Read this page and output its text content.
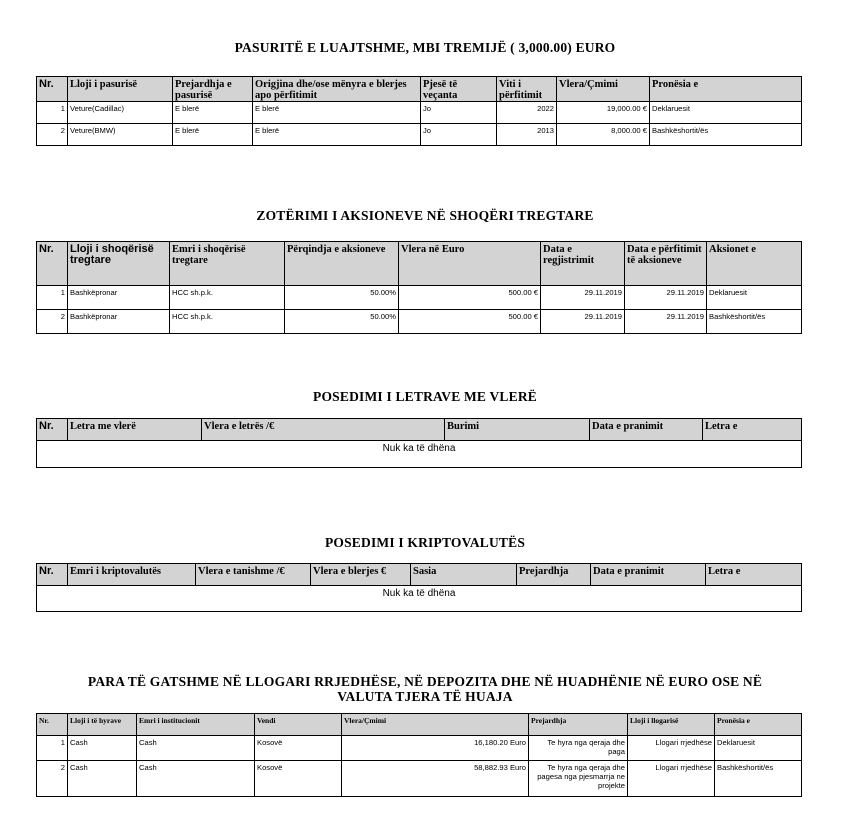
PASURITË E LUAJTSHME, MBI TREMIJË ( 3,000.00) EURO
Nr.	Lloji i pasurisë	Prejardhja e pasurisë	Origjina dhe/ose mënyra e blerjes apo përfitimit	Pjesë të veçanta	Viti i përfitimit	Vlera/Çmimi	Pronësia e
1	Veture(Cadillac)	E blerë	E blerë	Jo	2022	19,000.00 €	Deklaruesit
2	Veture(BMW)	E blerë	E blerë	Jo	2013	8,000.00 €	Bashkëshortit/ës
ZOTËRIMI I AKSIONEVE NË SHOQËRI TREGTARE
Nr.	Lloji i shoqërisë tregtare	Emri i shoqërisë tregtare	Përqindja e aksioneve	Vlera në Euro	Data e regjistrimit	Data e përfitimit të aksioneve	Aksionet e
1	Bashkëpronar	HCC sh.p.k.	50.00%	500.00 €	29.11.2019	29.11.2019	Deklaruesit
2	Bashkëpronar	HCC sh.p.k.	50.00%	500.00 €	29.11.2019	29.11.2019	Bashkëshortit/ës
POSEDIMI I LETRAVE ME VLERË
Nr.	Letra me vlerë	Vlera e letrës /€	Burimi	Data e pranimit	Letra e
Nuk ka të dhëna
POSEDIMI I KRIPTOVALUTËS
Nr.	Emri i kriptovalutës	Vlera e tanishme /€	Vlera e blerjes €	Sasia	Prejardhja	Data e pranimit	Letra e
Nuk ka të dhëna
PARA TË GATSHME NË LLOGARI RRJEDHËSE, NË DEPOZITA DHE NË HUADHËNIE NË EURO OSE NË
VALUTA TJERA TË HUAJA
Nr.	Lloji i të hyrave	Emri i institucionit	Vendi	Vlera/Çmimi	Prejardhja	Lloji i llogarisë	Pronësia e
1	Cash	Cash	Kosovë	16,180.20 Euro	Te hyra nga qeraja dhe paga	Llogari rrjedhëse	Deklaruesit
2	Cash	Cash	Kosovë	58,882.93 Euro	Te hyra nga qeraja dhe pagesa nga pjesmarrja ne projekte	Llogari rrjedhëse	Bashkëshortit/ës
